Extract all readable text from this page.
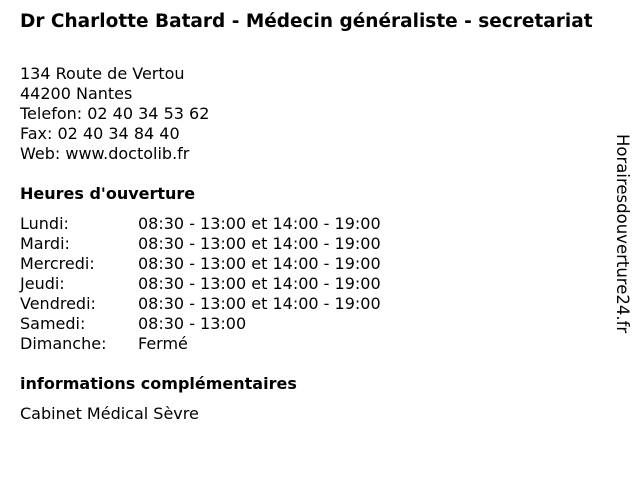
Dr Charlotte Batard - Médecin généraliste - secretariat
134 Route de Vertou
44200 Nantes
Telefon: 02 40 34 53 62
Fax: 02 40 34 84 40
Web: www.doctolib.fr
Heures d'ouverture
Lundi:	08:30 - 13:00 et 14:00 - 19:00
Mardi:	08:30 - 13:00 et 14:00 - 19:00
Mercredi:	08:30 - 13:00 et 14:00 - 19:00
Jeudi:	08:30 - 13:00 et 14:00 - 19:00
Vendredi:	08:30 - 13:00 et 14:00 - 19:00
Samedi:	08:30 - 13:00
Dimanche: Fermé
informations complémentaires
Cabinet Médical Sèvre
Horairesdouverture24.fr
